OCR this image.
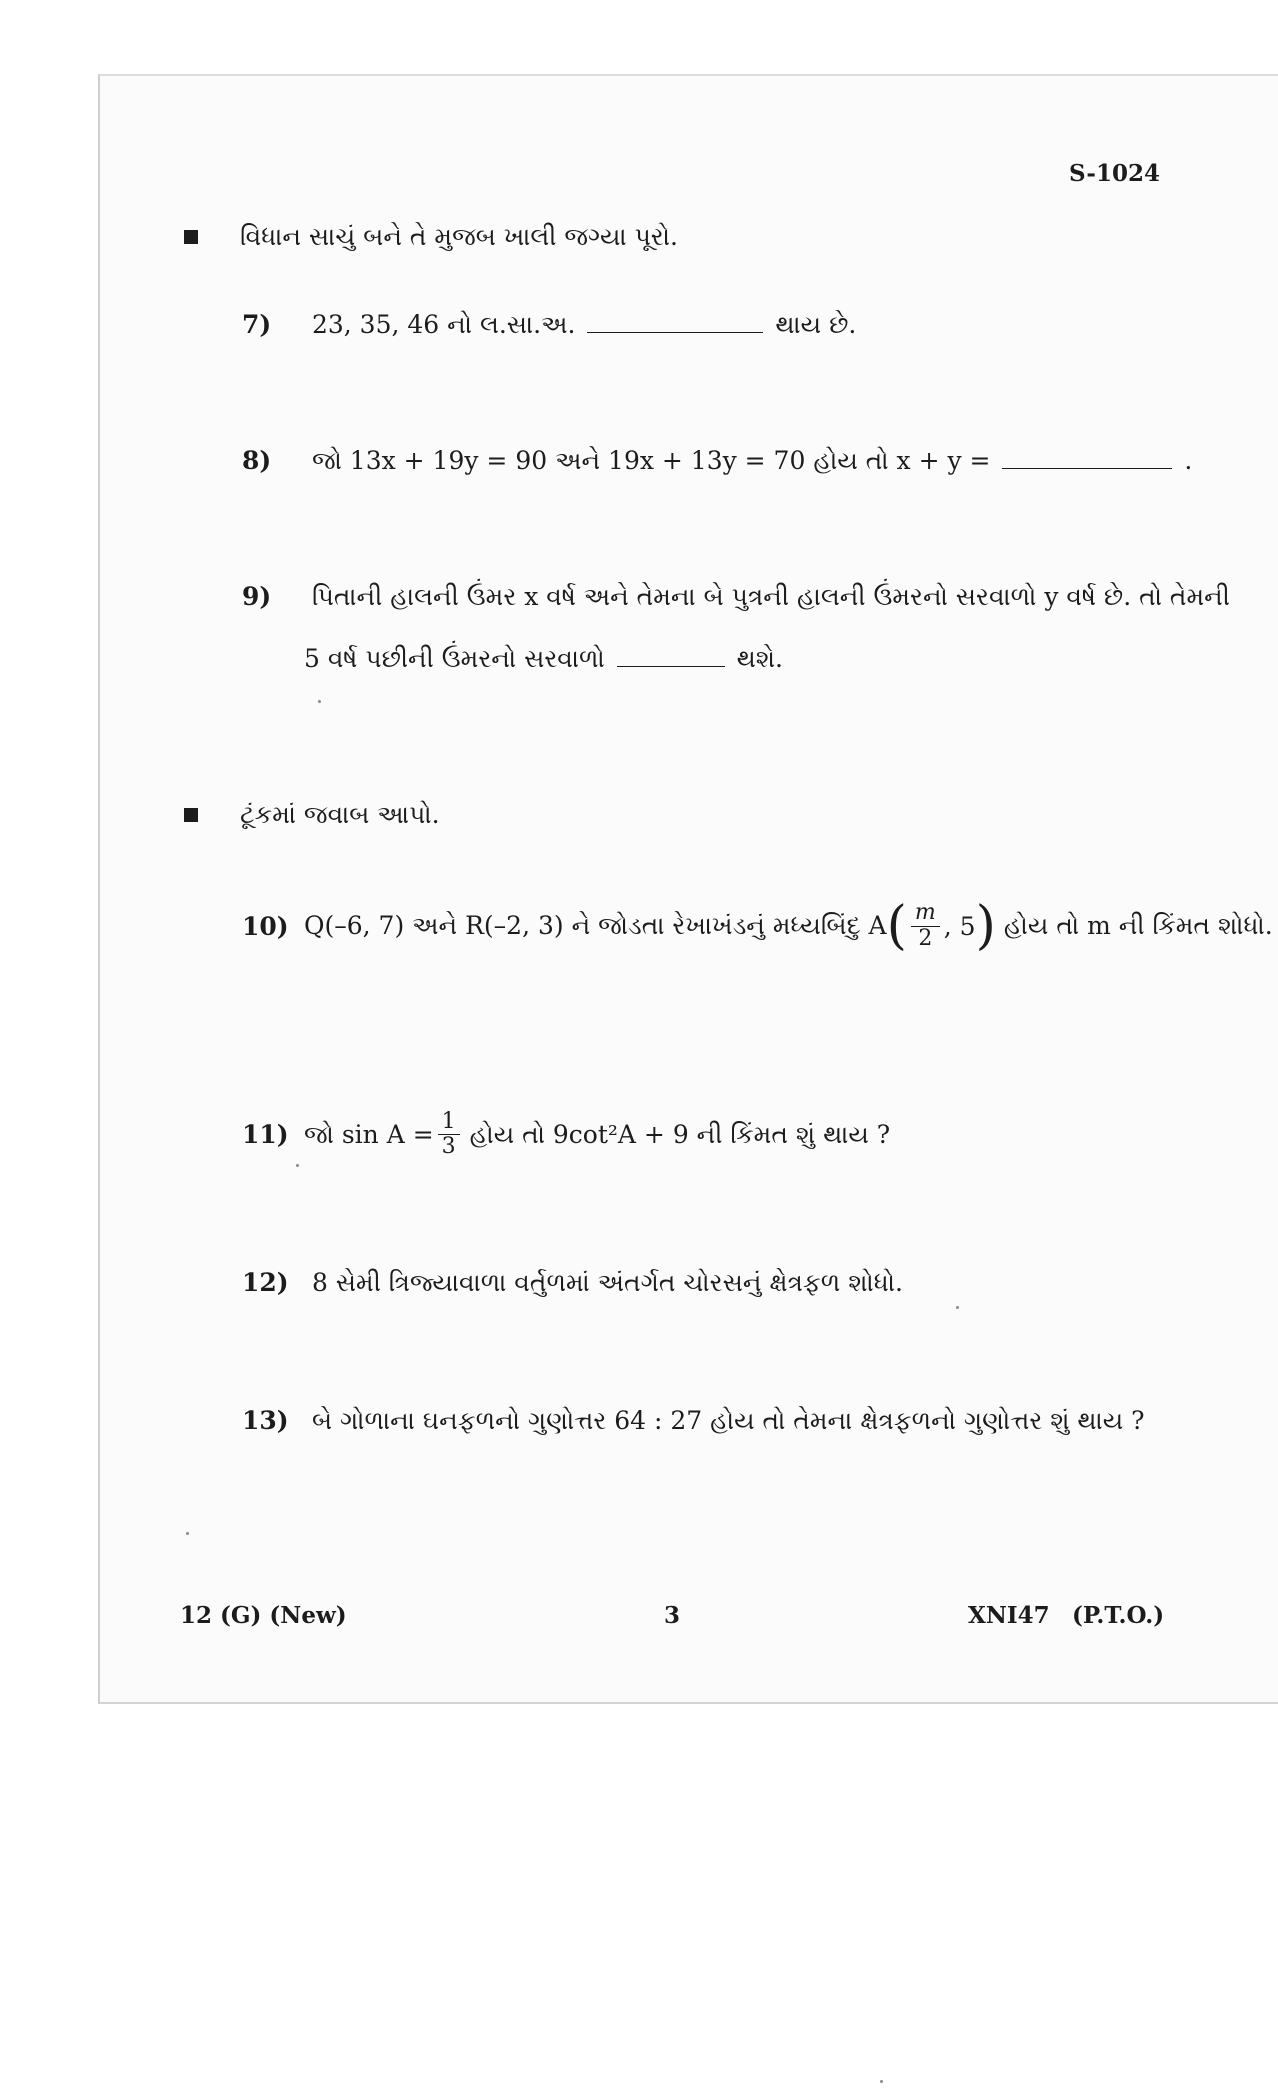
S-1024
વિધાન સાચું બને તે મુજબ ખાલી જગ્યા પૂરો.
7) 23, 35, 46 નો લ.સા.અ.	થાય છે.
8) જો 13x + 19y = 90 અને 19x + 13y = 70 હોય તો x + y =	.
9) પિતાની હાલની ઉંમર x વર્ષ અને તેમના બે પુત્રની હાલની ઉંમરનો સરવાળો y વર્ષ છે. તો તેમની
5 વર્ષ પછીની ઉંમરનો સરવાળો	થશે.
ટૂંકમાં જવાબ આપો.
10) Q(–6, 7) અને R(–2, 3) ને જોડતા રેખાખંડનું મધ્યબિંદુ A ( $\frac{m}{2}$ , 5 ) હોય તો m ની કિંમત શોધો.
11) જો $\sin A = \frac{1}{3}$ હોય તો 9cot²A + 9 ની કિંમત શું થાય ?
12) 8 સેમી ત્રિજ્યાવાળા વર્તુળમાં અંતર્ગત ચોરસનું ક્ષેત્રફળ શોધો.
13) બે ગોળાના ઘનફળનો ગુણોત્તર 64 : 27 હોય તો તેમના ક્ષેત્રફળનો ગુણોત્તર શું થાય ?
12 (G) (New)	3	XNI47 (P.T.O.)
